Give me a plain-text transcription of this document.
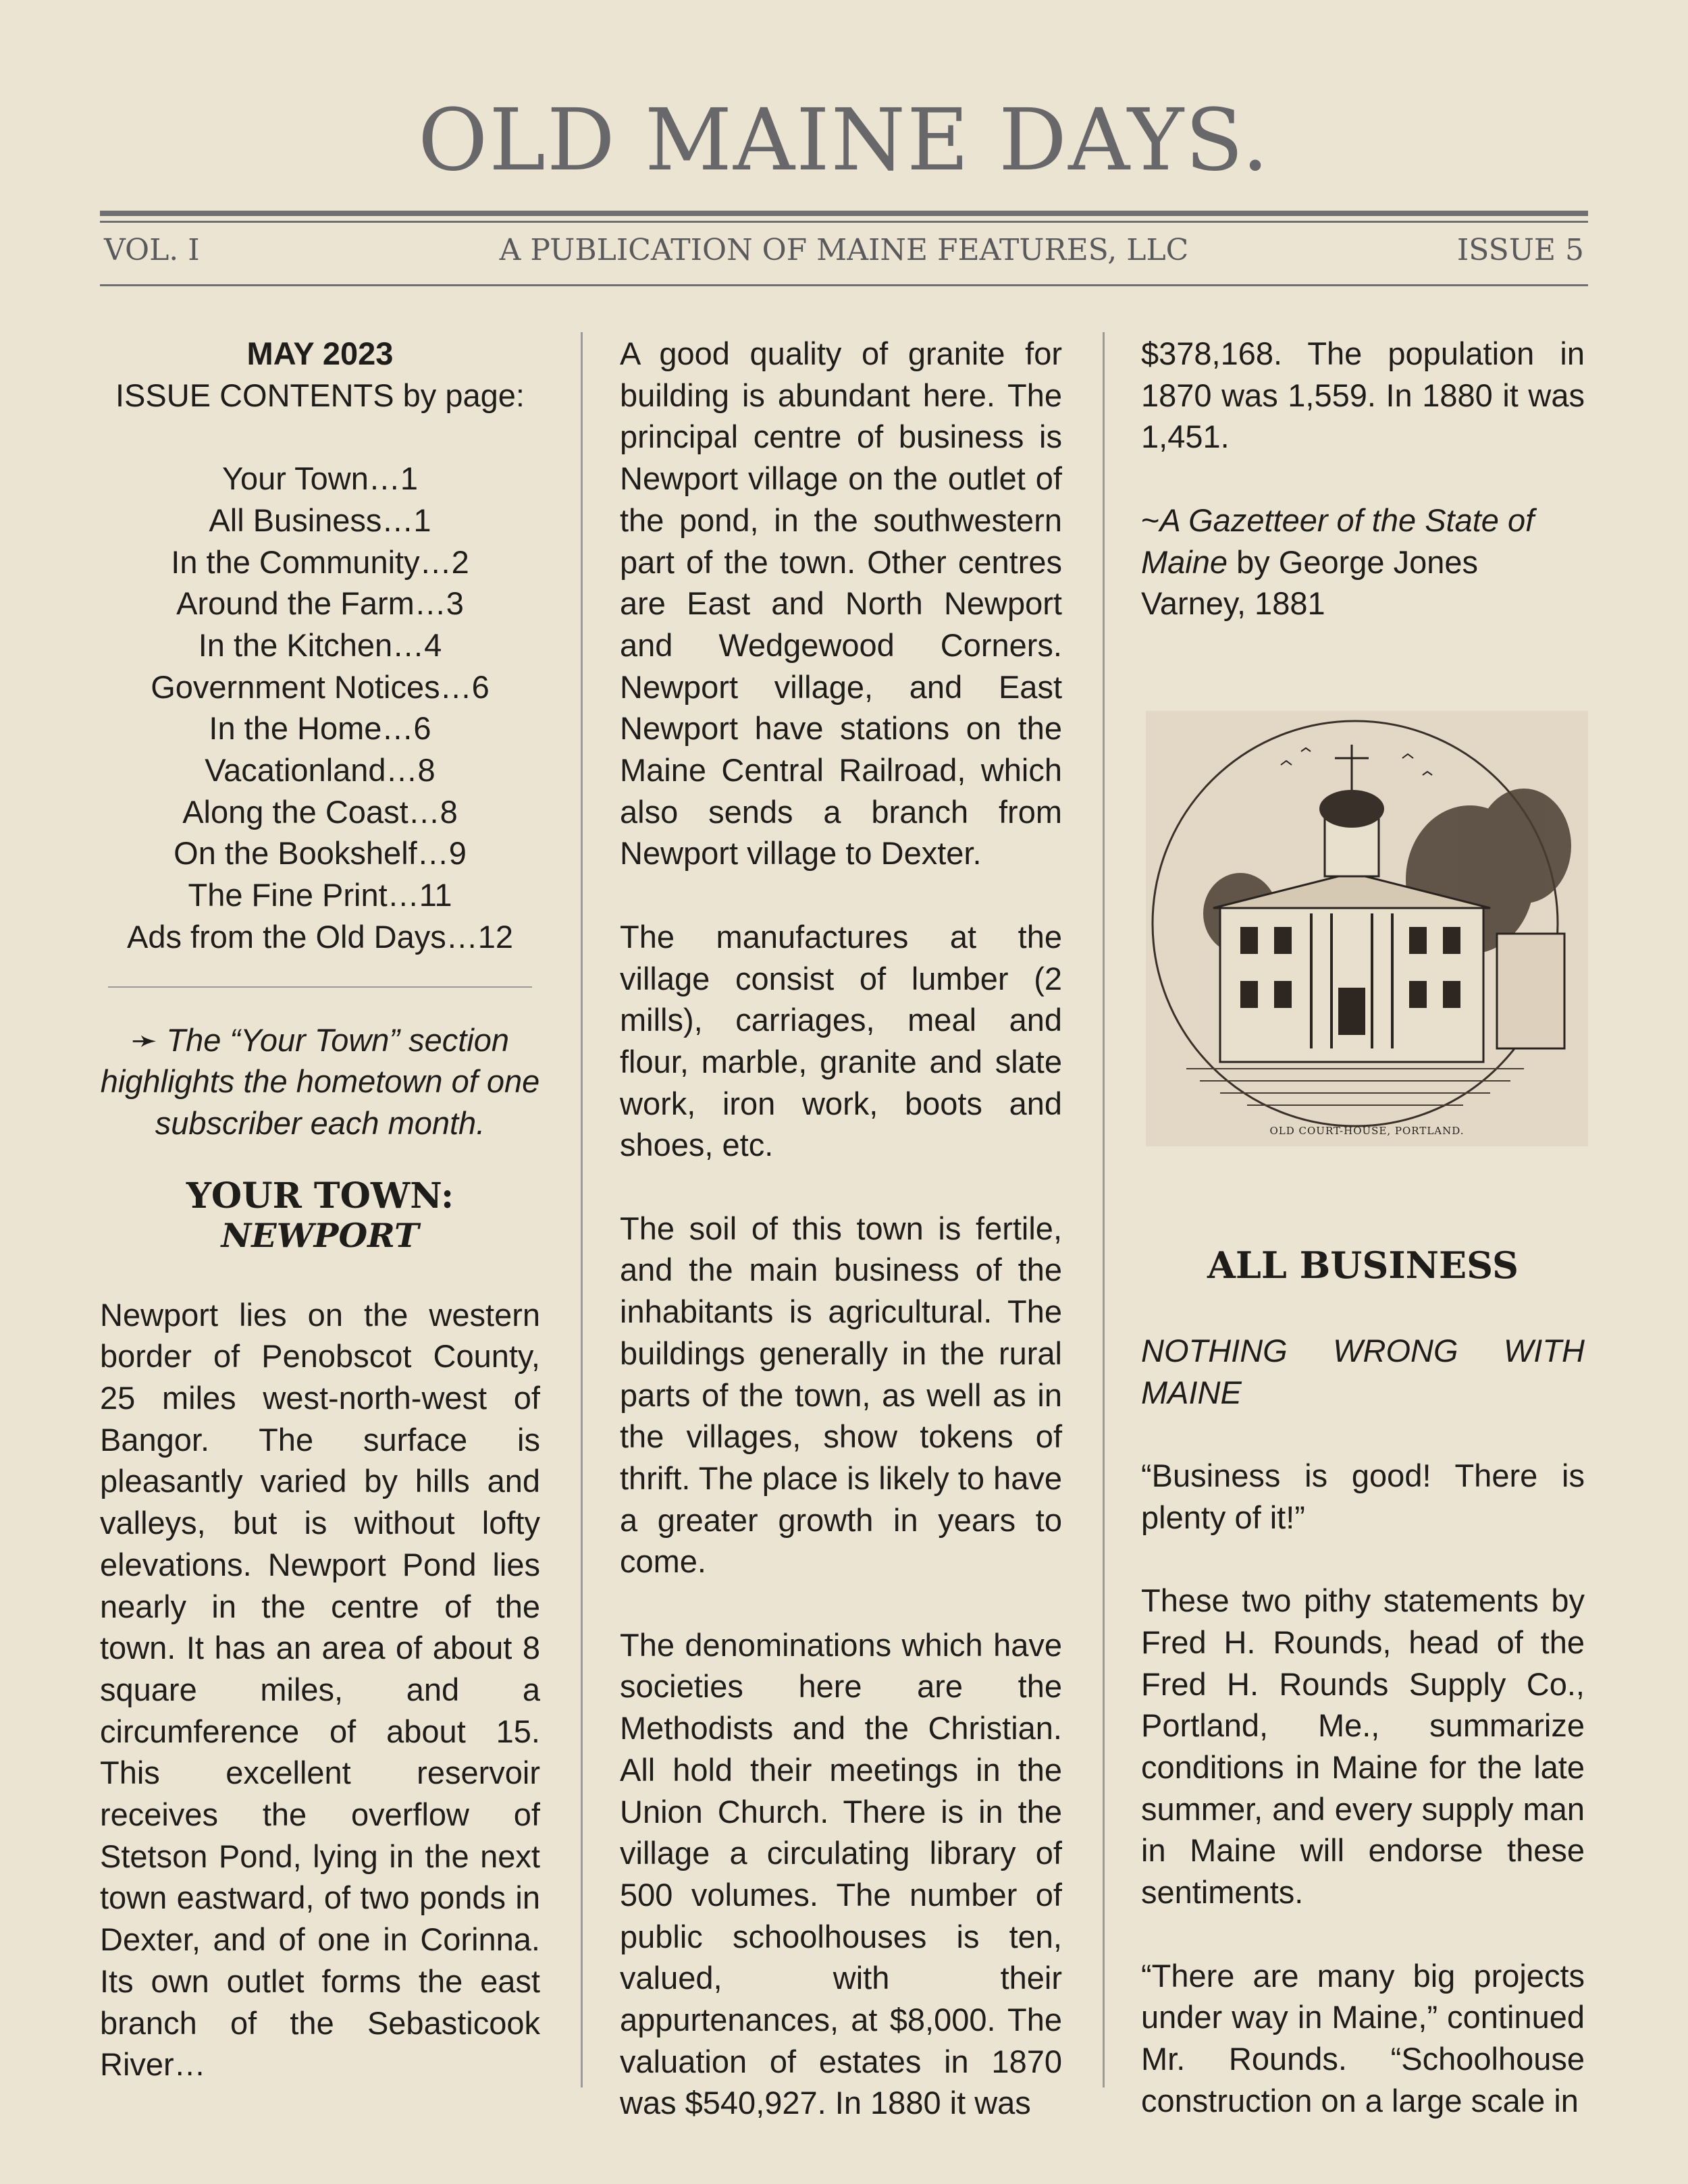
OLD MAINE DAYS.
VOL. I	A PUBLICATION OF MAINE FEATURES, LLC	ISSUE 5
MAY 2023
ISSUE CONTENTS by page:
Your Town…1
All Business…1
In the Community…2
Around the Farm…3
In the Kitchen…4
Government Notices…6
In the Home…6
Vacationland…8
Along the Coast…8
On the Bookshelf…9
The Fine Print…11
Ads from the Old Days…12

➛ The “Your Town” section highlights the hometown of one subscriber each month.

YOUR TOWN:
NEWPORT

Newport lies on the western border of Penobscot County, 25 miles west-north-west of Bangor. The surface is pleasantly varied by hills and valleys, but is without lofty elevations. Newport Pond lies nearly in the centre of the town. It has an area of about 8 square miles, and a circumference of about 15. This excellent reservoir receives the overflow of Stetson Pond, lying in the next town eastward, of two ponds in Dexter, and of one in Corinna. Its own outlet forms the east branch of the Sebasticook River…

A good quality of granite for building is abundant here. The principal centre of business is Newport village on the outlet of the pond, in the southwestern part of the town. Other centres are East and North Newport and Wedgewood Corners. Newport village, and East Newport have stations on the Maine Central Railroad, which also sends a branch from Newport village to Dexter.

The manufactures at the village consist of lumber (2 mills), carriages, meal and flour, marble, granite and slate work, iron work, boots and shoes, etc.

The soil of this town is fertile, and the main business of the inhabitants is agricultural. The buildings generally in the rural parts of the town, as well as in the villages, show tokens of thrift. The place is likely to have a greater growth in years to come.

The denominations which have societies here are the Methodists and the Christian. All hold their meetings in the Union Church. There is in the village a circulating library of 500 volumes. The number of public schoolhouses is ten, valued, with their appurtenances, at $8,000. The valuation of estates in 1870 was $540,927. In 1880 it was

$378,168. The population in 1870 was 1,559. In 1880 it was 1,451.

~A Gazetteer of the State of Maine by George Jones Varney, 1881

OLD COURT-HOUSE, PORTLAND.
ALL BUSINESS

NOTHING WRONG WITH MAINE

“Business is good! There is plenty of it!”

These two pithy statements by Fred H. Rounds, head of the Fred H. Rounds Supply Co., Portland, Me., summarize conditions in Maine for the late summer, and every supply man in Maine will endorse these sentiments.

“There are many big projects under way in Maine,” continued Mr. Rounds. “Schoolhouse construction on a large scale in
